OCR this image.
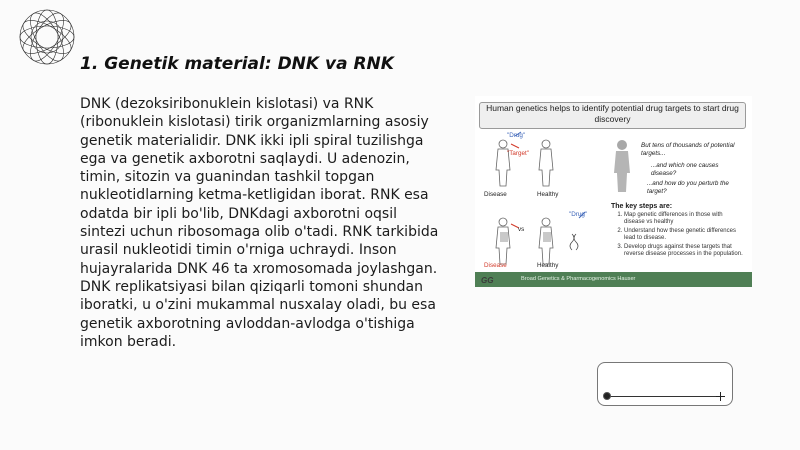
1. Genetik material: DNK va RNK

DNK (dezoksiribonuklein kislotasi) va RNK (ribonuklein kislotasi) tirik organizmlarning asosiy genetik materialidir. DNK ikki ipli spiral tuzilishga ega va genetik axborotni saqlaydi. U adenozin, timin, sitozin va guanindan tashkil topgan nukleotidlarning ketma-ketligidan iborat. RNK esa odatda bir ipli bo'lib, DNKdagi axborotni oqsil sintezi uchun ribosomaga olib o'tadi. RNK tarkibida urasil nukleotidi timin o'rniga uchraydi. Inson hujayralarida DNK 46 ta xromosomada joylashgan. DNK replikatsiyasi bilan qiziqarli tomoni shundan iboratki, u o'zini mukammal nusxalay oladi, bu esa genetik axborotning avloddan-avlodga o'tishiga imkon beradi.

Human genetics helps to identify potential drug targets to start drug discovery
"Drug"
"Target"
Disease	Healthy
vs
"Drug"
Disease	Healthy
But tens of thousands of potential targets...
...and which one causes disease?
...and how do you perturb the target?
The key steps are:
1. Map genetic differences in those with disease vs healthy
2. Understand how these genetic differences lead to disease.
3. Develop drugs against these targets that reverse disease processes in the population.
Broad Genetics & Pharmacogenomics Hauser
GG
